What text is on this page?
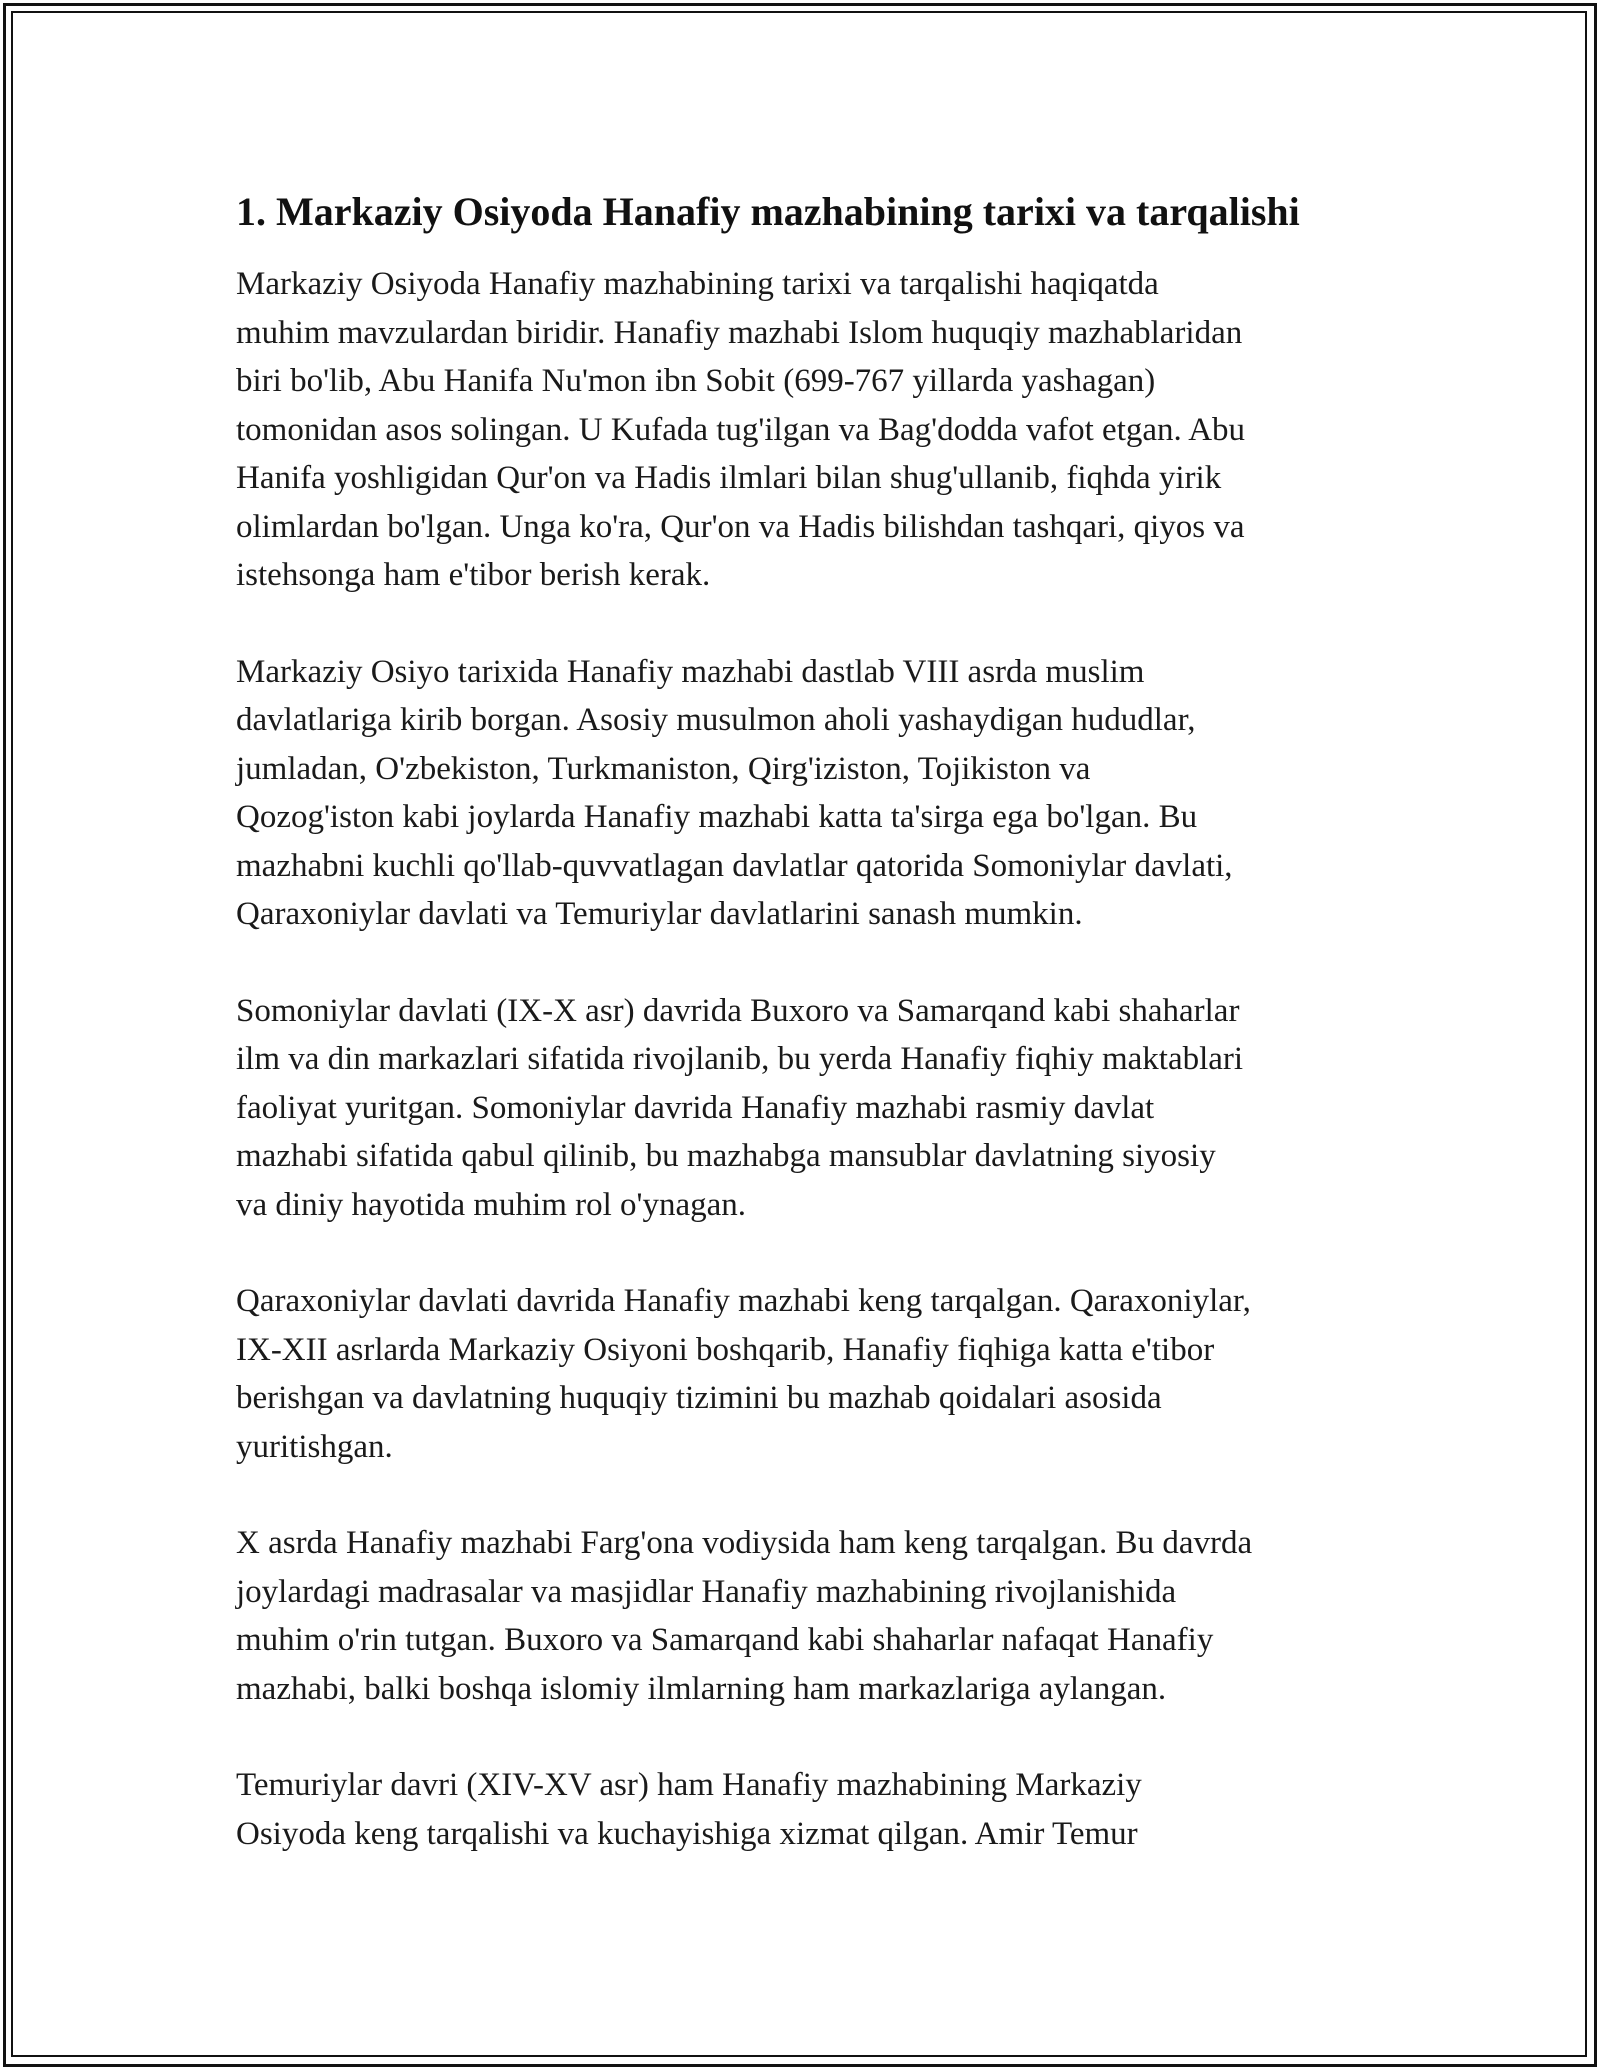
1. Markaziy Osiyoda Hanafiy mazhabining tarixi va tarqalishi

Markaziy Osiyoda Hanafiy mazhabining tarixi va tarqalishi haqiqatda
muhim mavzulardan biridir. Hanafiy mazhabi Islom huquqiy mazhablaridan
biri bo'lib, Abu Hanifa Nu'mon ibn Sobit (699-767 yillarda yashagan)
tomonidan asos solingan. U Kufada tug'ilgan va Bag'dodda vafot etgan. Abu
Hanifa yoshligidan Qur'on va Hadis ilmlari bilan shug'ullanib, fiqhda yirik
olimlardan bo'lgan. Unga ko'ra, Qur'on va Hadis bilishdan tashqari, qiyos va
istehsonga ham e'tibor berish kerak.

Markaziy Osiyo tarixida Hanafiy mazhabi dastlab VIII asrda muslim
davlatlariga kirib borgan. Asosiy musulmon aholi yashaydigan hududlar,
jumladan, O'zbekiston, Turkmaniston, Qirg'iziston, Tojikiston va
Qozog'iston kabi joylarda Hanafiy mazhabi katta ta'sirga ega bo'lgan. Bu
mazhabni kuchli qo'llab-quvvatlagan davlatlar qatorida Somoniylar davlati,
Qaraxoniylar davlati va Temuriylar davlatlarini sanash mumkin.

Somoniylar davlati (IX-X asr) davrida Buxoro va Samarqand kabi shaharlar
ilm va din markazlari sifatida rivojlanib, bu yerda Hanafiy fiqhiy maktablari
faoliyat yuritgan. Somoniylar davrida Hanafiy mazhabi rasmiy davlat
mazhabi sifatida qabul qilinib, bu mazhabga mansublar davlatning siyosiy
va diniy hayotida muhim rol o'ynagan.

Qaraxoniylar davlati davrida Hanafiy mazhabi keng tarqalgan. Qaraxoniylar,
IX-XII asrlarda Markaziy Osiyoni boshqarib, Hanafiy fiqhiga katta e'tibor
berishgan va davlatning huquqiy tizimini bu mazhab qoidalari asosida
yuritishgan.

X asrda Hanafiy mazhabi Farg'ona vodiysida ham keng tarqalgan. Bu davrda
joylardagi madrasalar va masjidlar Hanafiy mazhabining rivojlanishida
muhim o'rin tutgan. Buxoro va Samarqand kabi shaharlar nafaqat Hanafiy
mazhabi, balki boshqa islomiy ilmlarning ham markazlariga aylangan.

Temuriylar davri (XIV-XV asr) ham Hanafiy mazhabining Markaziy
Osiyoda keng tarqalishi va kuchayishiga xizmat qilgan. Amir Temur
